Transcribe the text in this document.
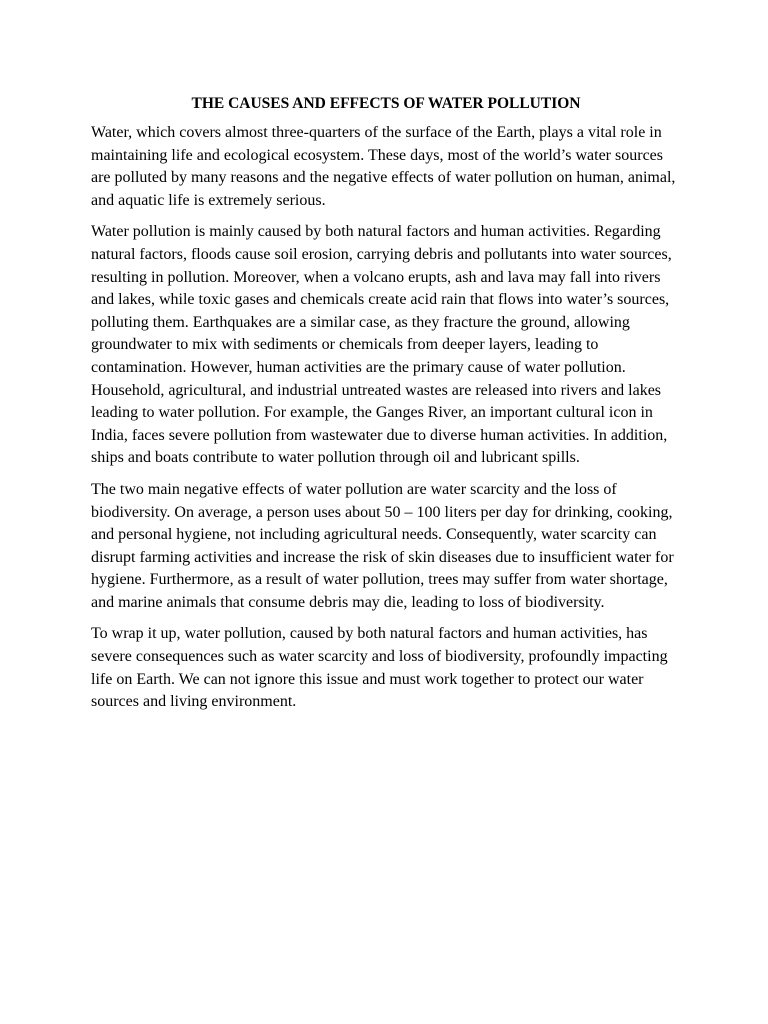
THE CAUSES AND EFFECTS OF WATER POLLUTION

Water, which covers almost three-quarters of the surface of the Earth, plays a vital role in maintaining life and ecological ecosystem. These days, most of the world’s water sources are polluted by many reasons and the negative effects of water pollution on human, animal, and aquatic life is extremely serious.

Water pollution is mainly caused by both natural factors and human activities. Regarding natural factors, floods cause soil erosion, carrying debris and pollutants into water sources, resulting in pollution. Moreover, when a volcano erupts, ash and lava may fall into rivers and lakes, while toxic gases and chemicals create acid rain that flows into water’s sources, polluting them. Earthquakes are a similar case, as they fracture the ground, allowing groundwater to mix with sediments or chemicals from deeper layers, leading to contamination. However, human activities are the primary cause of water pollution. Household, agricultural, and industrial untreated wastes are released into rivers and lakes leading to water pollution. For example, the Ganges River, an important cultural icon in India, faces severe pollution from wastewater due to diverse human activities. In addition, ships and boats contribute to water pollution through oil and lubricant spills.

The two main negative effects of water pollution are water scarcity and the loss of biodiversity. On average, a person uses about 50 – 100 liters per day for drinking, cooking, and personal hygiene, not including agricultural needs. Consequently, water scarcity can disrupt farming activities and increase the risk of skin diseases due to insufficient water for hygiene. Furthermore, as a result of water pollution, trees may suffer from water shortage, and marine animals that consume debris may die, leading to loss of biodiversity.

To wrap it up, water pollution, caused by both natural factors and human activities, has severe consequences such as water scarcity and loss of biodiversity, profoundly impacting life on Earth. We can not ignore this issue and must work together to protect our water sources and living environment.
